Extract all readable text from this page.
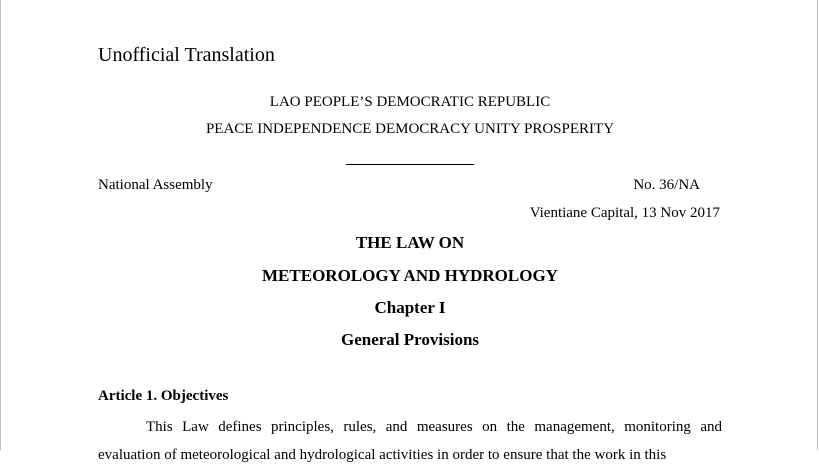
Unofficial Translation
LAO PEOPLE’S DEMOCRATIC REPUBLIC
PEACE INDEPENDENCE DEMOCRACY UNITY PROSPERITY
National Assembly	No. 36/NA
Vientiane Capital, 13 Nov 2017
THE LAW ON
METEOROLOGY AND HYDROLOGY
Chapter I
General Provisions
Article 1. Objectives
This Law defines principles, rules, and measures on the management, monitoring and evaluation of meteorological and hydrological activities in order to ensure that the work in this
